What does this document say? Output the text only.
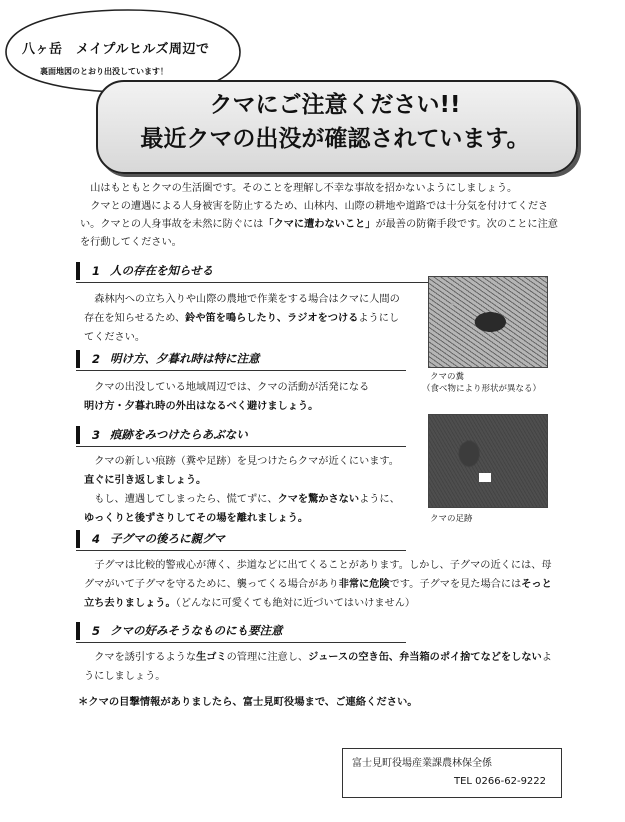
八ヶ岳　メイプルヒルズ周辺で
裏面地図のとおり出没しています！
クマにご注意ください!!
最近クマの出没が確認されています。

山はもともとクマの生活圏です。そのことを理解し不幸な事故を招かないようにしましょう。

クマとの遭遇による人身被害を防止するため、山林内、山際の耕地や道路では十分気を付けてください。クマとの人身事故を未然に防ぐには「クマに遭わないこと」が最善の防衛手段です。次のことに注意を行動してください。

1 人の存在を知らせる

森林内への立ち入りや山際の農地で作業をする場合はクマに人間の存在を知らせるため、鈴や笛を鳴らしたり、ラジオをつけるようにしてください。

2 明け方、夕暮れ時は特に注意

クマの出没している地域周辺では、クマの活動が活発になる

明け方・夕暮れ時の外出はなるべく避けましょう。

3 痕跡をみつけたらあぶない

クマの新しい痕跡（糞や足跡）を見つけたらクマが近くにいます。

直ぐに引き返しましょう。

もし、遭遇してしまったら、慌てずに、クマを驚かさないように、

ゆっくりと後ずさりしてその場を離れましょう。

4 子グマの後ろに親グマ

子グマは比較的警戒心が薄く、歩道などに出てくることがあります。しかし、子グマの近くには、母グマがいて子グマを守るために、襲ってくる場合があり非常に危険です。子グマを見た場合にはそっと立ち去りましょう。（どんなに可愛くても絶対に近づいてはいけません）

5 クマの好みそうなものにも要注意

クマを誘引するような生ゴミの管理に注意し、ジュースの空き缶、弁当箱のポイ捨てなどをしないようにしましょう。

クマの糞
（食べ物により形状が異なる）
クマの足跡
＊クマの目撃情報がありましたら、富士見町役場まで、ご連絡ください。
富士見町役場産業課農林保全係
TEL 0266-62-9222
